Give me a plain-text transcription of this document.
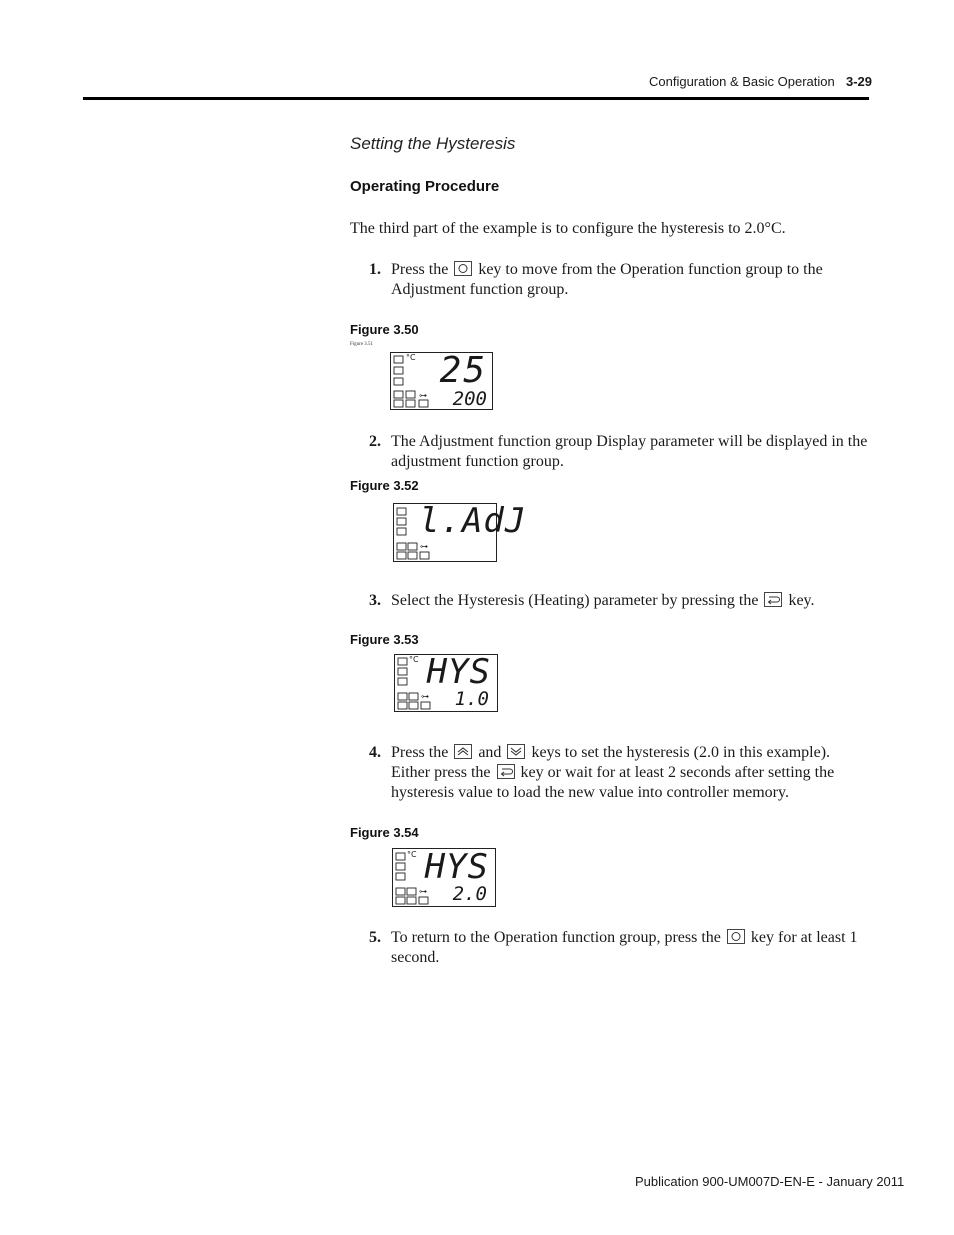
Configuration & Basic Operation 3-29
Setting the Hysteresis
Operating Procedure
The third part of the example is to configure the hysteresis to 2.0°C.
1. Press the key to move from the Operation function group to the Adjustment function group.
Figure 3.50
Figure 3.51
°C
⊶
25
200
2. The Adjustment function group Display parameter will be displayed in the adjustment function group.
Figure 3.52
⊶
l.AdJ
3. Select the Hysteresis (Heating) parameter by pressing the key.
Figure 3.53
°C
⊶
HYS
1.0
4. Press the and keys to set the hysteresis (2.0 in this example). Either press the key or wait for at least 2 seconds after setting the hysteresis value to load the new value into controller memory.
Figure 3.54
°C
⊶
HYS
2.0
5. To return to the Operation function group, press the key for at least 1 second.
Publication 900-UM007D-EN-E - January 2011
